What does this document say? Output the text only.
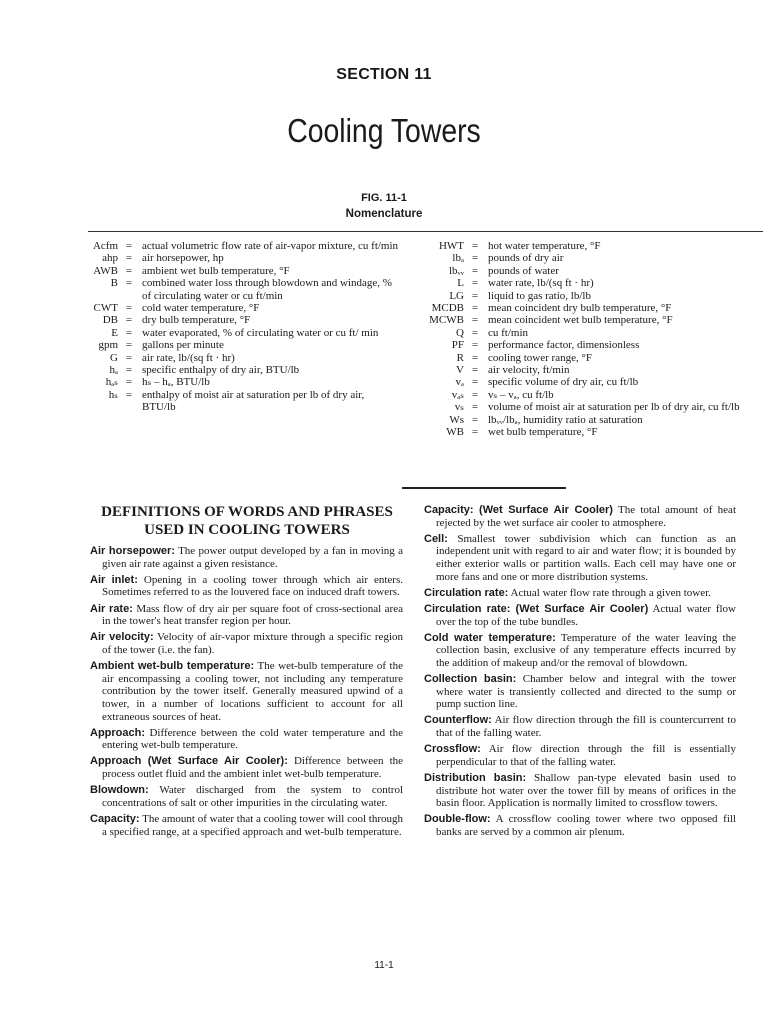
SECTION 11
Cooling Towers
FIG. 11-1
Nomenclature
Acfm = actual volumetric flow rate of air-vapor mixture, cu ft/min
ahp = air horsepower, hp
AWB = ambient wet bulb temperature, °F
B = combined water loss through blowdown and windage, % of circulating water or cu ft/min
CWT = cold water temperature, °F
DB = dry bulb temperature, °F
E = water evaporated, % of circulating water or cu ft/ min
gpm = gallons per minute
G = air rate, lb/(sq ft · hr)
hₐ = specific enthalpy of dry air, BTU/lb
hₐₛ = hₛ – hₐ, BTU/lb
hₛ = enthalpy of moist air at saturation per lb of dry air, BTU/lb
HWT = hot water temperature, °F
lbₐ = pounds of dry air
lbᵥᵥ = pounds of water
L = water rate, lb/(sq ft · hr)
LG = liquid to gas ratio, lb/lb
MCDB = mean coincident dry bulb temperature, °F
MCWB = mean coincident wet bulb temperature, °F
Q = cu ft/min
PF = performance factor, dimensionless
R = cooling tower range, °F
V = air velocity, ft/min
vₐ = specific volume of dry air, cu ft/lb
vₐₛ = vₛ – vₐ, cu ft/lb
vₛ = volume of moist air at saturation per lb of dry air, cu ft/lb
Ws = lbᵥᵥ/lbₐ, humidity ratio at saturation
WB = wet bulb temperature, °F
DEFINITIONS OF WORDS AND PHRASES USED IN COOLING TOWERS
Air horsepower: The power output developed by a fan in moving a given air rate against a given resistance.
Air inlet: Opening in a cooling tower through which air enters. Sometimes referred to as the louvered face on induced draft towers.
Air rate: Mass flow of dry air per square foot of cross-sectional area in the tower's heat transfer region per hour.
Air velocity: Velocity of air-vapor mixture through a specific region of the tower (i.e. the fan).
Ambient wet-bulb temperature: The wet-bulb temperature of the air encompassing a cooling tower, not including any temperature contribution by the tower itself. Generally measured upwind of a tower, in a number of locations sufficient to account for all extraneous sources of heat.
Approach: Difference between the cold water temperature and the entering wet-bulb temperature.
Approach (Wet Surface Air Cooler): Difference between the process outlet fluid and the ambient inlet wet-bulb temperature.
Blowdown: Water discharged from the system to control concentrations of salt or other impurities in the circulating water.
Capacity: The amount of water that a cooling tower will cool through a specified range, at a specified approach and wet-bulb temperature.
Capacity: (Wet Surface Air Cooler) The total amount of heat rejected by the wet surface air cooler to atmosphere.
Cell: Smallest tower subdivision which can function as an independent unit with regard to air and water flow; it is bounded by either exterior walls or partition walls. Each cell may have one or more fans and one or more distribution systems.
Circulation rate: Actual water flow rate through a given tower.
Circulation rate: (Wet Surface Air Cooler) Actual water flow over the top of the tube bundles.
Cold water temperature: Temperature of the water leaving the collection basin, exclusive of any temperature effects incurred by the addition of makeup and/or the removal of blowdown.
Collection basin: Chamber below and integral with the tower where water is transiently collected and directed to the sump or pump suction line.
Counterflow: Air flow direction through the fill is countercurrent to that of the falling water.
Crossflow: Air flow direction through the fill is essentially perpendicular to that of the falling water.
Distribution basin: Shallow pan-type elevated basin used to distribute hot water over the tower fill by means of orifices in the basin floor. Application is normally limited to crossflow towers.
Double-flow: A crossflow cooling tower where two opposed fill banks are served by a common air plenum.
11-1
